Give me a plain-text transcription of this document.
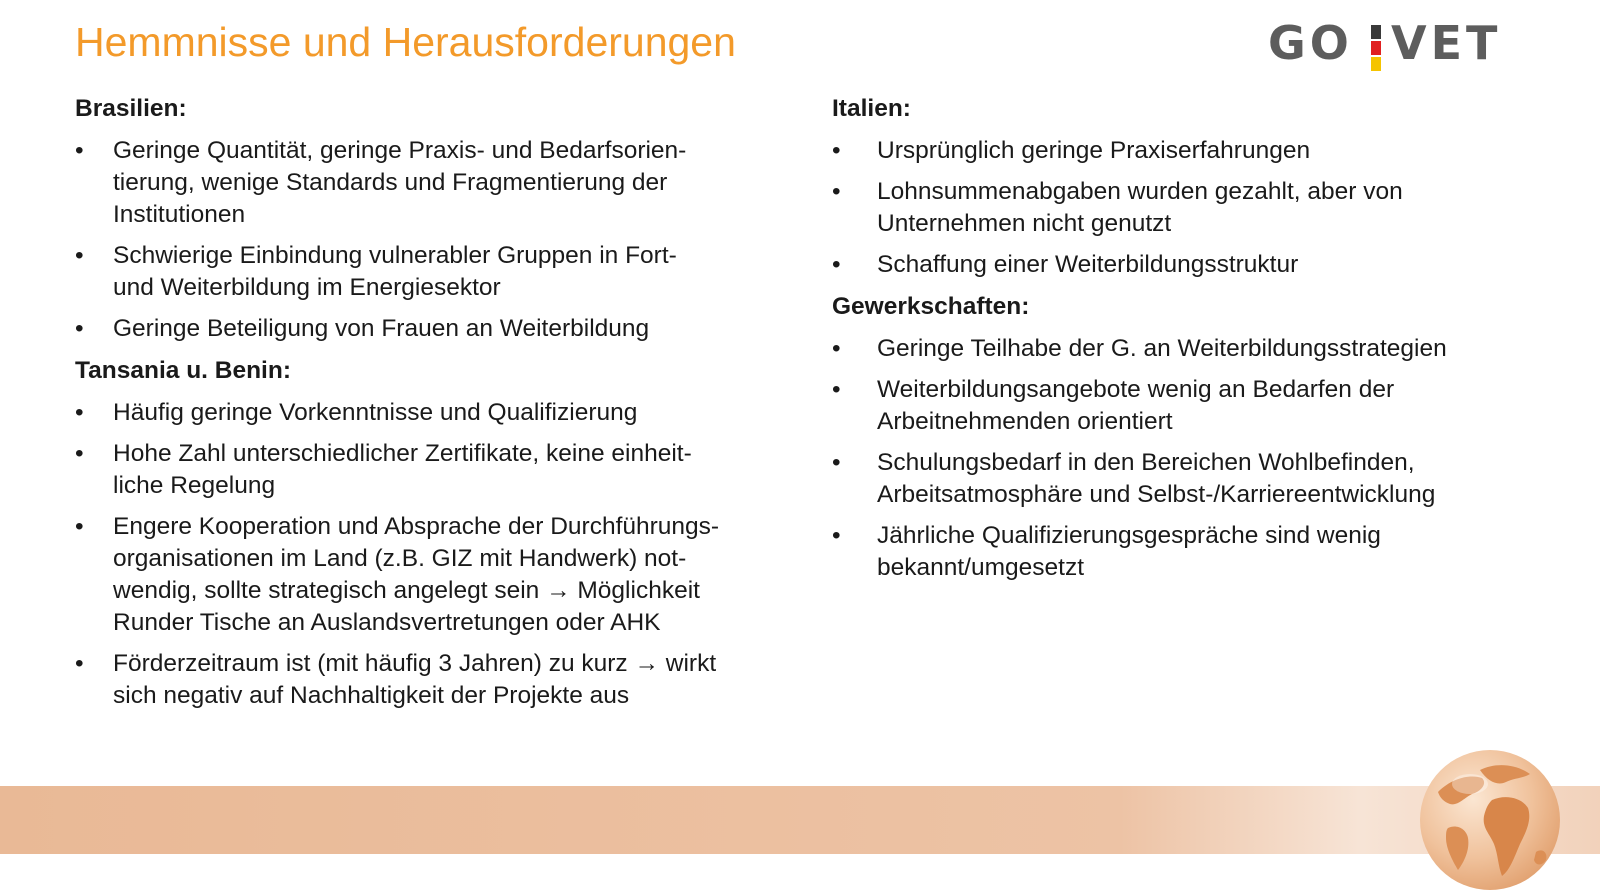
Hemmnisse und Herausforderungen	GO VET
Brasilien:
• Geringe Quantität, geringe Praxis- und Bedarfsorien-
tierung, wenige Standards und Fragmentierung der
Institutionen
• Schwierige Einbindung vulnerabler Gruppen in Fort-
und Weiterbildung im Energiesektor
• Geringe Beteiligung von Frauen an Weiterbildung
Tansania u. Benin:
• Häufig geringe Vorkenntnisse und Qualifizierung
• Hohe Zahl unterschiedlicher Zertifikate, keine einheit-
liche Regelung
• Engere Kooperation und Absprache der Durchführungs-
organisationen im Land (z.B. GIZ mit Handwerk) not-
wendig, sollte strategisch angelegt sein → Möglichkeit
Runder Tische an Auslandsvertretungen oder AHK
• Förderzeitraum ist (mit häufig 3 Jahren) zu kurz → wirkt
sich negativ auf Nachhaltigkeit der Projekte aus
Italien:
• Ursprünglich geringe Praxiserfahrungen
• Lohnsummenabgaben wurden gezahlt, aber von
Unternehmen nicht genutzt
• Schaffung einer Weiterbildungsstruktur
Gewerkschaften:
• Geringe Teilhabe der G. an Weiterbildungsstrategien
• Weiterbildungsangebote wenig an Bedarfen der
Arbeitnehmenden orientiert
• Schulungsbedarf in den Bereichen Wohlbefinden,
Arbeitsatmosphäre und Selbst-/Karriereentwicklung
• Jährliche Qualifizierungsgespräche sind wenig
bekannt/umgesetzt
